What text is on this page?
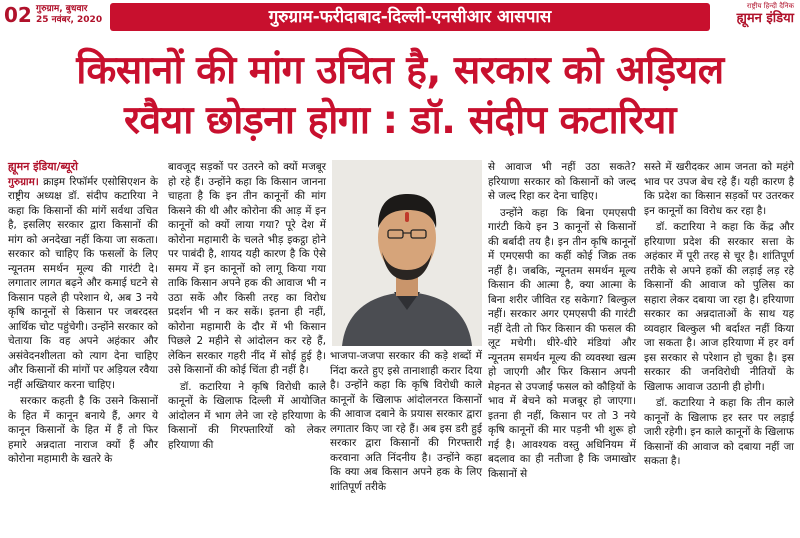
02 गुरुग्राम, बुधवार
25 नवंबर, 2020	गुरुग्राम-फरीदाबाद-दिल्ली-एनसीआर आसपास
राष्ट्रीय हिन्दी दैनिक
ह्यूमन इंडिया
किसानों की मांग उचित है, सरकार को अड़ियल
रवैया छोड़ना होगा : डॉ. संदीप कटारिया
ह्यूमन इंडिया/ब्यूरो

गुरुग्राम। क्राइम रिफॉर्मर एसोसिएशन के राष्ट्रीय अध्यक्ष डॉ. संदीप कटारिया ने कहा कि किसानों की मांगें सर्वथा उचित है, इसलिए सरकार द्वारा किसानों की मांग को अनदेखा नहीं किया जा सकता। सरकार को चाहिए कि फसलों के लिए न्यूनतम समर्थन मूल्य की गारंटी दे। लगातार लागत बढ़ने और कमाई घटने से किसान पहले ही परेशान थे, अब 3 नये कृषि कानूनों से किसान पर जबरदस्त आर्थिक चोट पहुंचेगी। उन्होंने सरकार को चेताया कि वह अपने अहंकार और असंवेदनशीलता को त्याग देना चाहिए और किसानों की मांगों पर अड़ियल रवैया नहीं अख्तियार करना चाहिए।

सरकार कहती है कि उसने किसानों के हित में कानून बनाये हैं, अगर ये कानून किसानों के हित में हैं तो फिर हमारे अन्नदाता नाराज क्यों हैं और कोरोना महामारी के खतरे के

बावजूद सड़कों पर उतरने को क्यों मजबूर हो रहे हैं। उन्होंने कहा कि किसान जानना चाहता है कि इन तीन कानूनों की मांग किसने की थी और कोरोना की आड़ में इन कानूनों को क्यों लाया गया? पूरे देश में कोरोना महामारी के चलते भीड़ इकट्ठा होने पर पाबंदी है, शायद यही कारण है कि ऐसे समय में इन कानूनों को लागू किया गया ताकि किसान अपने हक की आवाज भी न उठा सकें और किसी तरह का विरोध प्रदर्शन भी न कर सकें। इतना ही नहीं, कोरोना महामारी के दौर में भी किसान पिछले 2 महीने से आंदोलन कर रहे हैं, लेकिन सरकार गहरी नींद में सोई हुई है। उसे किसानों की कोई चिंता ही नहीं है।

डॉ. कटारिया ने कृषि विरोधी काले कानूनों के खिलाफ दिल्ली में आयोजित आंदोलन में भाग लेने जा रहे हरियाणा के किसानों की गिरफ्तारियों को लेकर हरियाणा की

भाजपा-जजपा सरकार की कड़े शब्दों में निंदा करते हुए इसे तानाशाही करार दिया है। उन्होंने कहा कि कृषि विरोधी काले कानूनों के खिलाफ आंदोलनरत किसानों की आवाज दबाने के प्रयास सरकार द्वारा लगातार किए जा रहे हैं। अब इस डरी हुई सरकार द्वारा किसानों की गिरफ्तारी करवाना अति निंदनीय है। उन्होंने कहा कि क्या अब किसान अपने हक के लिए शांतिपूर्ण तरीके

से आवाज भी नहीं उठा सकते? हरियाणा सरकार को किसानों को जल्द से जल्द रिहा कर देना चाहिए।

उन्होंने कहा कि बिना एमएसपी गारंटी किये इन 3 कानूनों से किसानों की बर्बादी तय है। इन तीन कृषि कानूनों में एमएसपी का कहीं कोई जिक्र तक नहीं है। जबकि, न्यूनतम समर्थन मूल्य किसान की आत्मा है, क्या आत्मा के बिना शरीर जीवित रह सकेगा? बिल्कुल नहीं। सरकार अगर एमएसपी की गारंटी नहीं देती तो फिर किसान की फसल की लूट मचेगी। धीरे-धीरे मंडियां और न्यूनतम समर्थन मूल्य की व्यवस्था खत्म हो जाएगी और फिर किसान अपनी मेहनत से उपजाई फसल को कौड़ियों के भाव में बेचने को मजबूर हो जाएगा। इतना ही नहीं, किसान पर तो 3 नये कृषि कानूनों की मार पड़नी भी शुरू हो गई है। आवश्यक वस्तु अधिनियम में बदलाव का ही नतीजा है कि जमाखोर किसानों से

सस्ते में खरीदकर आम जनता को महंगे भाव पर उपज बेच रहे हैं। यही कारण है कि प्रदेश का किसान सड़कों पर उतरकर इन कानूनों का विरोध कर रहा है।

डॉ. कटारिया ने कहा कि केंद्र और हरियाणा प्रदेश की सरकार सत्ता के अहंकार में पूरी तरह से चूर है। शांतिपूर्ण तरीके से अपने हकों की लड़ाई लड़ रहे किसानों की आवाज को पुलिस का सहारा लेकर दबाया जा रहा है। हरियाणा सरकार का अन्नदाताओं के साथ यह व्यवहार बिल्कुल भी बर्दाश्त नहीं किया जा सकता है। आज हरियाणा में हर वर्ग इस सरकार से परेशान हो चुका है। इस सरकार की जनविरोधी नीतियों के खिलाफ आवाज उठानी ही होगी।

डॉ. कटारिया ने कहा कि तीन काले कानूनों के खिलाफ हर स्तर पर लड़ाई जारी रहेगी। इन काले कानूनों के खिलाफ किसानों की आवाज को दबाया नहीं जा सकता है।
